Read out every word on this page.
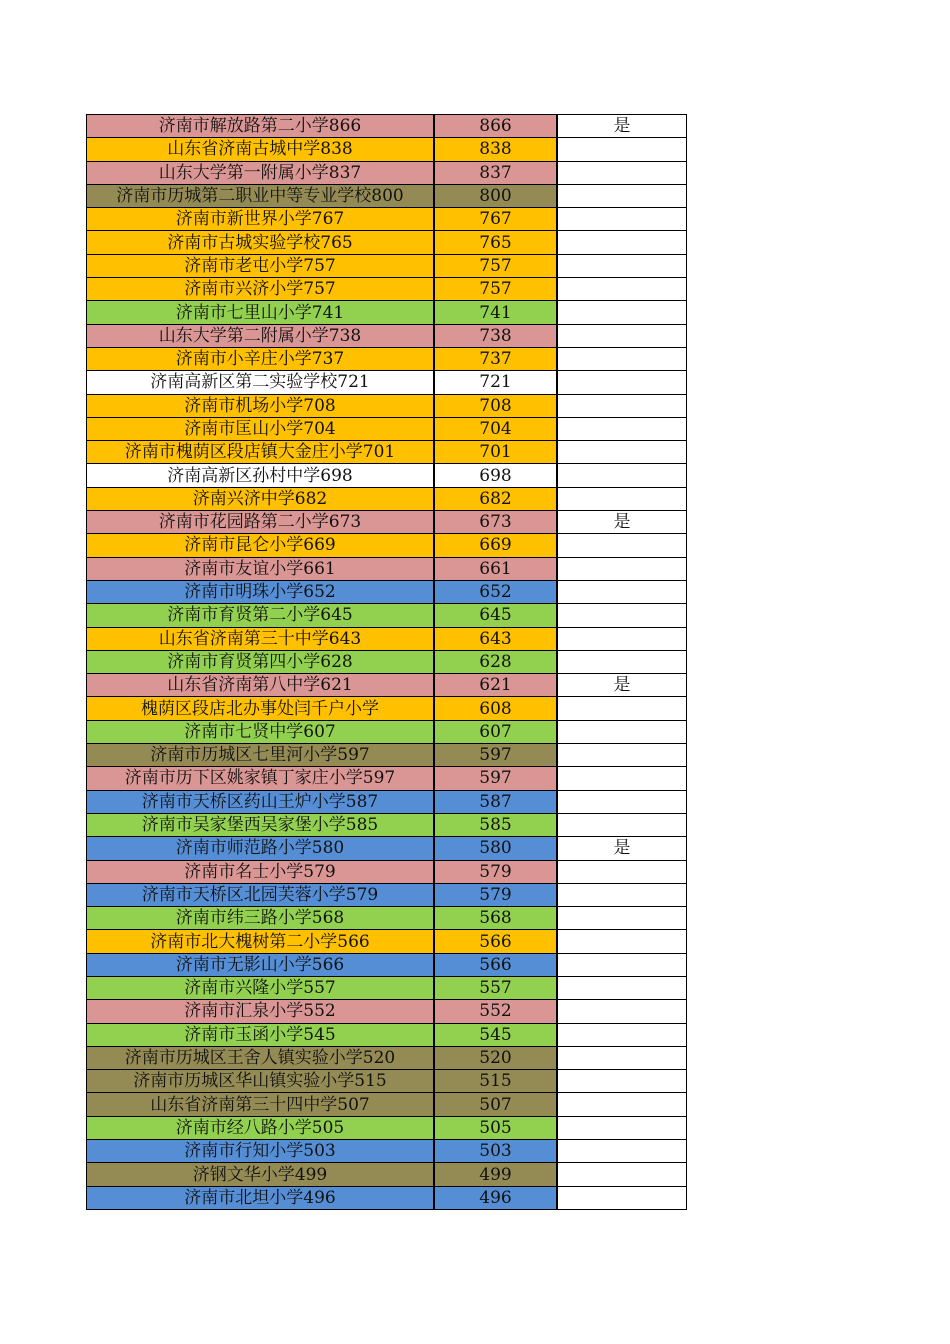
济南市解放路第二小学866	866	是
山东省济南古城中学838	838	
山东大学第一附属小学837	837	
济南市历城第二职业中等专业学校800	800	
济南市新世界小学767	767	
济南市古城实验学校765	765	
济南市老屯小学757	757	
济南市兴济小学757	757	
济南市七里山小学741	741	
山东大学第二附属小学738	738	
济南市小辛庄小学737	737	
济南高新区第二实验学校721	721	
济南市机场小学708	708	
济南市匡山小学704	704	
济南市槐荫区段店镇大金庄小学701	701	
济南高新区孙村中学698	698	
济南兴济中学682	682	
济南市花园路第二小学673	673	是
济南市昆仑小学669	669	
济南市友谊小学661	661	
济南市明珠小学652	652	
济南市育贤第二小学645	645	
山东省济南第三十中学643	643	
济南市育贤第四小学628	628	
山东省济南第八中学621	621	是
槐荫区段店北办事处闫千户小学	608	
济南市七贤中学607	607	
济南市历城区七里河小学597	597	
济南市历下区姚家镇丁家庄小学597	597	
济南市天桥区药山王炉小学587	587	
济南市吴家堡西吴家堡小学585	585	
济南市师范路小学580	580	是
济南市名士小学579	579	
济南市天桥区北园芙蓉小学579	579	
济南市纬三路小学568	568	
济南市北大槐树第二小学566	566	
济南市无影山小学566	566	
济南市兴隆小学557	557	
济南市汇泉小学552	552	
济南市玉函小学545	545	
济南市历城区王舍人镇实验小学520	520	
济南市历城区华山镇实验小学515	515	
山东省济南第三十四中学507	507	
济南市经八路小学505	505	
济南市行知小学503	503	
济钢文华小学499	499	
济南市北坦小学496	496	
